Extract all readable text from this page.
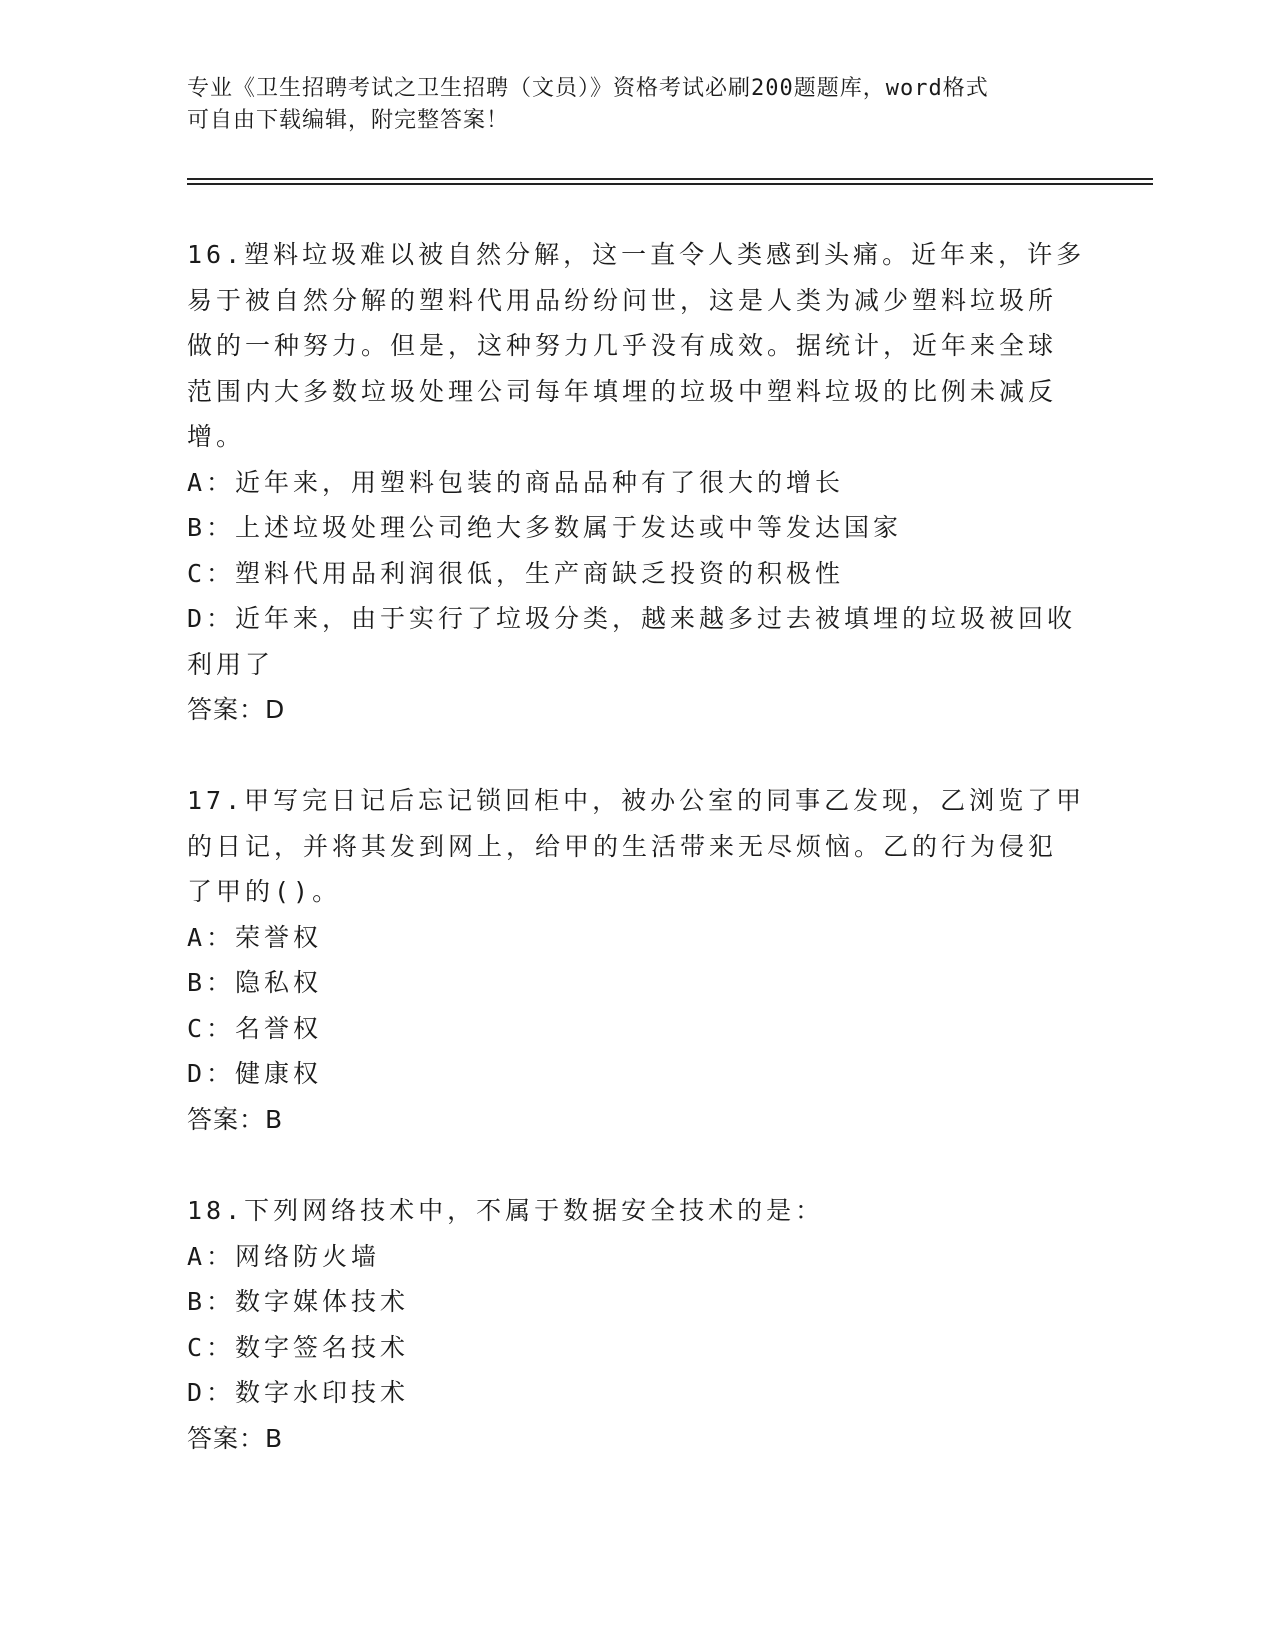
专业《卫生招聘考试之卫生招聘（文员）》资格考试必刷200题题库，word格式

可自由下载编辑，附完整答案！

16.塑料垃圾难以被自然分解，这一直令人类感到头痛。近年来，许多

易于被自然分解的塑料代用品纷纷问世，这是人类为减少塑料垃圾所

做的一种努力。但是，这种努力几乎没有成效。据统计，近年来全球

范围内大多数垃圾处理公司每年填埋的垃圾中塑料垃圾的比例未减反

增。

A：近年来，用塑料包装的商品品种有了很大的增长

B：上述垃圾处理公司绝大多数属于发达或中等发达国家

C：塑料代用品利润很低，生产商缺乏投资的积极性

D：近年来，由于实行了垃圾分类，越来越多过去被填埋的垃圾被回收

利用了

答案：D

17.甲写完日记后忘记锁回柜中，被办公室的同事乙发现，乙浏览了甲

的日记，并将其发到网上，给甲的生活带来无尽烦恼。乙的行为侵犯

了甲的()。

A：荣誉权

B：隐私权

C：名誉权

D：健康权

答案：B

18.下列网络技术中，不属于数据安全技术的是：

A：网络防火墙

B：数字媒体技术

C：数字签名技术

D：数字水印技术

答案：B
